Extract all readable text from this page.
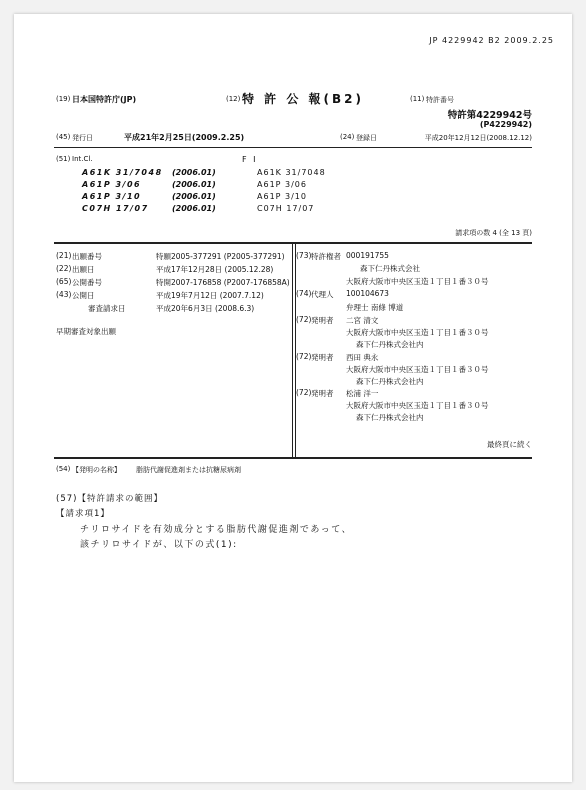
JP 4229942 B2 2009.2.25
(19) 日本国特許庁(JP)	(12) 特 許 公 報(B2)	(11) 特許番号
特許第4229942号
(P4229942)
(45) 発行日	平成21年2月25日(2009.2.25)	(24) 登録日	平成20年12月12日(2008.12.12)
(51) Int.Cl.	F I
A61K 31/7048 (2006.01)	A61K 31/7048
A61P 3/06	(2006.01)	A61P 3/06
A61P 3/10	(2006.01)	A61P 3/10
C07H 17/07	(2006.01)	C07H 17/07
請求項の数 4 (全 13 頁)
(21) 出願番号	特願2005-377291 (P2005-377291)
(22) 出願日	平成17年12月28日 (2005.12.28)
(65) 公開番号	特開2007-176858 (P2007-176858A)
(43) 公開日	平成19年7月12日 (2007.7.12)
審査請求日	平成20年6月3日 (2008.6.3)
早期審査対象出願
(73) 特許権者 000191755
森下仁丹株式会社
大阪府大阪市中央区玉造１丁目１番３０号
(74) 代理人 100104673
弁理士 南條 博道
(72) 発明者 二宮 清文
大阪府大阪市中央区玉造１丁目１番３０号
森下仁丹株式会社内
(72) 発明者 西田 典永
大阪府大阪市中央区玉造１丁目１番３０号
森下仁丹株式会社内
(72) 発明者 松浦 洋一
大阪府大阪市中央区玉造１丁目１番３０号
森下仁丹株式会社内
最終頁に続く
(54) 【発明の名称】 脂肪代謝促進剤または抗糖尿病剤
(57)【特許請求の範囲】
【請求項1】
チリロサイドを有効成分とする脂肪代謝促進剤であって、
該チリロサイドが、以下の式(1):
